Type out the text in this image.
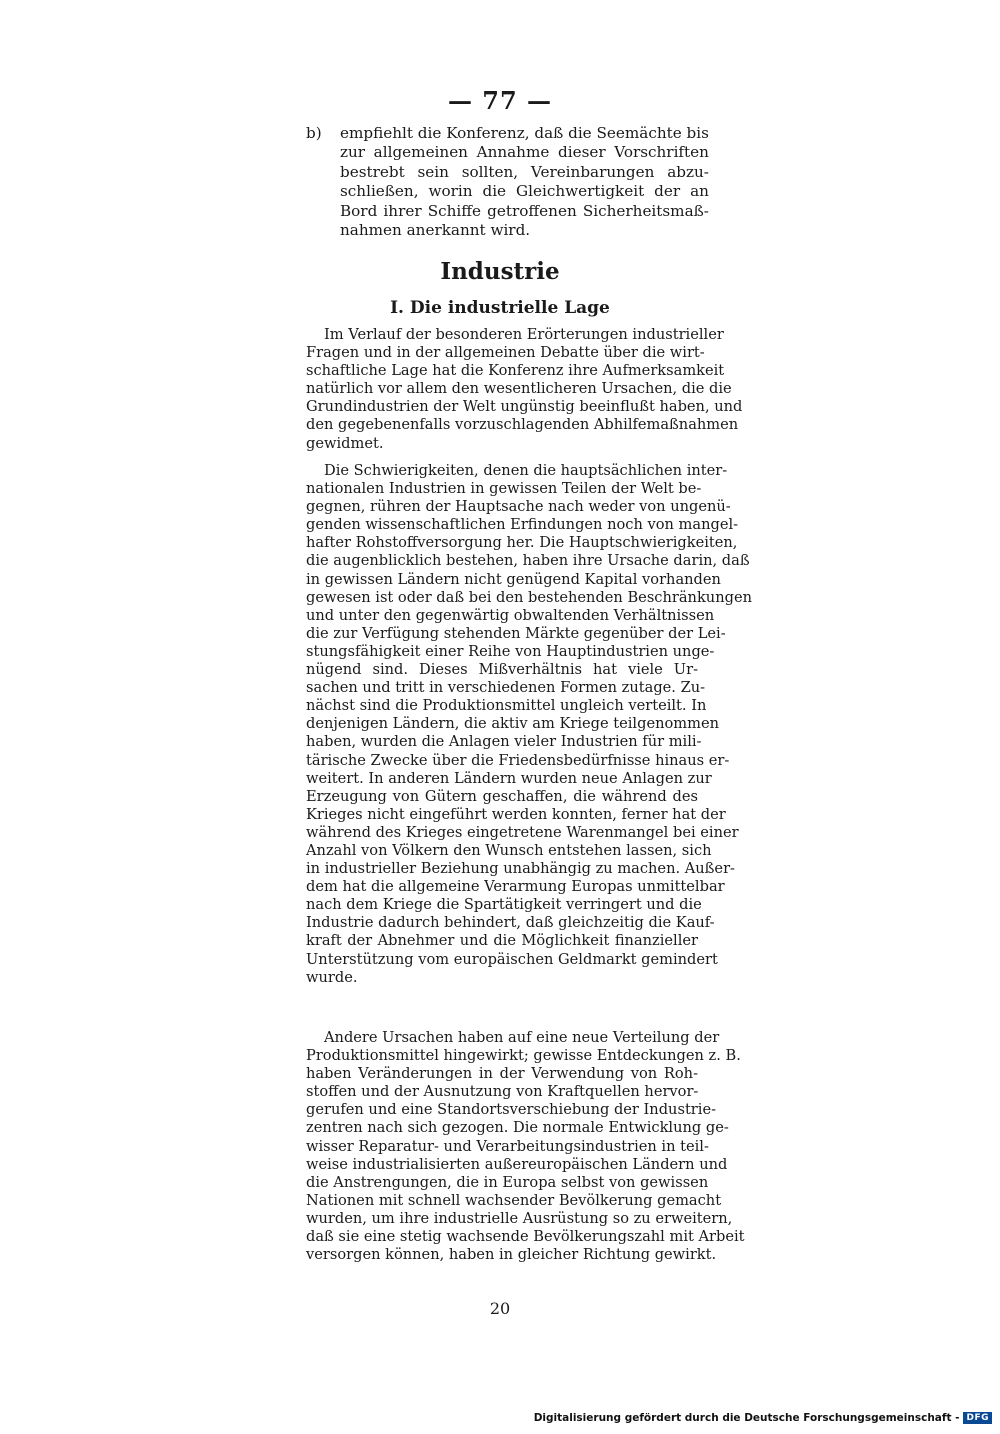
— 77 —
b)	empfiehlt die Konferenz, daß die Seemächte bis
zur allgemeinen Annahme dieser Vorschriften
bestrebt sein sollten, Vereinbarungen abzu-
schließen, worin die Gleichwertigkeit der an
Bord ihrer Schiffe getroffenen Sicherheitsmaß-
nahmen anerkannt wird.
Industrie
I. Die industrielle Lage
Im Verlauf der besonderen Erörterungen industrieller
Fragen und in der allgemeinen Debatte über die wirt-
schaftliche Lage hat die Konferenz ihre Aufmerksamkeit
natürlich vor allem den wesentlicheren Ursachen, die die
Grundindustrien der Welt ungünstig beeinflußt haben, und
den gegebenenfalls vorzuschlagenden Abhilfemaßnahmen
gewidmet.
Die Schwierigkeiten, denen die hauptsächlichen inter-
nationalen Industrien in gewissen Teilen der Welt be-
gegnen, rühren der Hauptsache nach weder von ungenü-
genden wissenschaftlichen Erfindungen noch von mangel-
hafter Rohstoffversorgung her. Die Hauptschwierigkeiten,
die augenblicklich bestehen, haben ihre Ursache darin, daß
in gewissen Ländern nicht genügend Kapital vorhanden
gewesen ist oder daß bei den bestehenden Beschränkungen
und unter den gegenwärtig obwaltenden Verhältnissen
die zur Verfügung stehenden Märkte gegenüber der Lei-
stungsfähigkeit einer Reihe von Hauptindustrien unge-
nügend sind. Dieses Mißverhältnis hat viele Ur-
sachen und tritt in verschiedenen Formen zutage. Zu-
nächst sind die Produktionsmittel ungleich verteilt. In
denjenigen Ländern, die aktiv am Kriege teilgenommen
haben, wurden die Anlagen vieler Industrien für mili-
tärische Zwecke über die Friedensbedürfnisse hinaus er-
weitert. In anderen Ländern wurden neue Anlagen zur
Erzeugung von Gütern geschaffen, die während des
Krieges nicht eingeführt werden konnten, ferner hat der
während des Krieges eingetretene Warenmangel bei einer
Anzahl von Völkern den Wunsch entstehen lassen, sich
in industrieller Beziehung unabhängig zu machen. Außer-
dem hat die allgemeine Verarmung Europas unmittelbar
nach dem Kriege die Spartätigkeit verringert und die
Industrie dadurch behindert, daß gleichzeitig die Kauf-
kraft der Abnehmer und die Möglichkeit finanzieller
Unterstützung vom europäischen Geldmarkt gemindert
wurde.
Andere Ursachen haben auf eine neue Verteilung der
Produktionsmittel hingewirkt; gewisse Entdeckungen z. B.
haben Veränderungen in der Verwendung von Roh-
stoffen und der Ausnutzung von Kraftquellen hervor-
gerufen und eine Standortsverschiebung der Industrie-
zentren nach sich gezogen. Die normale Entwicklung ge-
wisser Reparatur- und Verarbeitungsindustrien in teil-
weise industrialisierten außereuropäischen Ländern und
die Anstrengungen, die in Europa selbst von gewissen
Nationen mit schnell wachsender Bevölkerung gemacht
wurden, um ihre industrielle Ausrüstung so zu erweitern,
daß sie eine stetig wachsende Bevölkerungszahl mit Arbeit
versorgen können, haben in gleicher Richtung gewirkt.
20
Digitalisierung gefördert durch die Deutsche Forschungsgemeinschaft - DFG
